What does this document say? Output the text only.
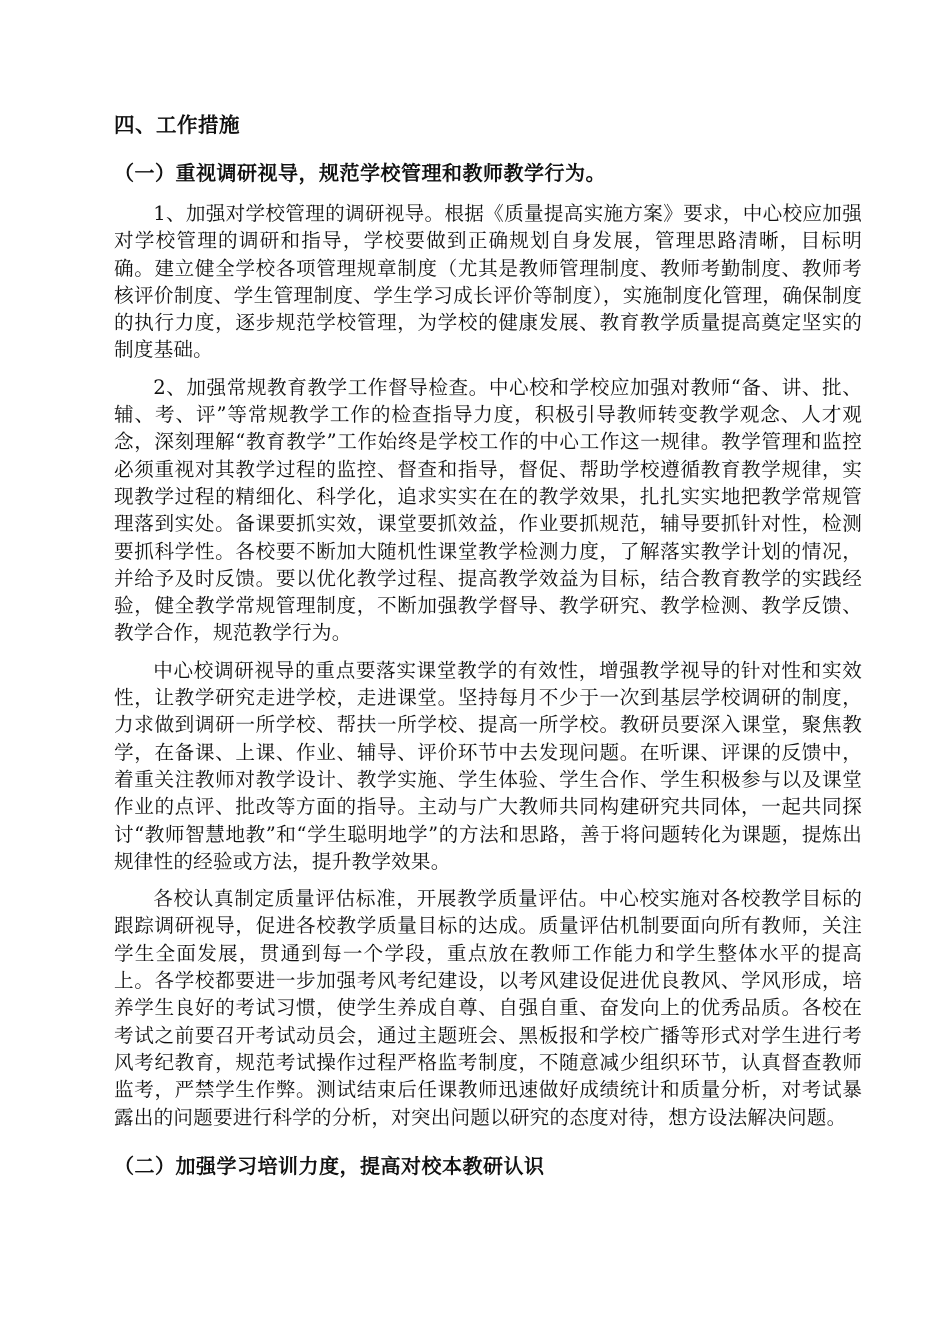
四、工作措施
（一）重视调研视导，规范学校管理和教师教学行为。

1、加强对学校管理的调研视导。根据《质量提高实施方案》要求，中心校应加强对学校管理的调研和指导，学校要做到正确规划自身发展，管理思路清晰，目标明确。建立健全学校各项管理规章制度（尤其是教师管理制度、教师考勤制度、教师考核评价制度、学生管理制度、学生学习成长评价等制度），实施制度化管理，确保制度的执行力度，逐步规范学校管理，为学校的健康发展、教育教学质量提高奠定坚实的制度基础。

2、加强常规教育教学工作督导检查。中心校和学校应加强对教师“备、讲、批、辅、考、评”等常规教学工作的检查指导力度，积极引导教师转变教学观念、人才观念，深刻理解“教育教学”工作始终是学校工作的中心工作这一规律。教学管理和监控必须重视对其教学过程的监控、督查和指导，督促、帮助学校遵循教育教学规律，实现教学过程的精细化、科学化，追求实实在在的教学效果，扎扎实实地把教学常规管理落到实处。备课要抓实效，课堂要抓效益，作业要抓规范，辅导要抓针对性，检测要抓科学性。各校要不断加大随机性课堂教学检测力度，了解落实教学计划的情况，并给予及时反馈。要以优化教学过程、提高教学效益为目标，结合教育教学的实践经验，健全教学常规管理制度，不断加强教学督导、教学研究、教学检测、教学反馈、教学合作，规范教学行为。

中心校调研视导的重点要落实课堂教学的有效性，增强教学视导的针对性和实效性，让教学研究走进学校，走进课堂。坚持每月不少于一次到基层学校调研的制度，力求做到调研一所学校、帮扶一所学校、提高一所学校。教研员要深入课堂，聚焦教学，在备课、上课、作业、辅导、评价环节中去发现问题。在听课、评课的反馈中，着重关注教师对教学设计、教学实施、学生体验、学生合作、学生积极参与以及课堂作业的点评、批改等方面的指导。主动与广大教师共同构建研究共同体，一起共同探讨“教师智慧地教”和“学生聪明地学”的方法和思路，善于将问题转化为课题，提炼出规律性的经验或方法，提升教学效果。

各校认真制定质量评估标准，开展教学质量评估。中心校实施对各校教学目标的跟踪调研视导，促进各校教学质量目标的达成。质量评估机制要面向所有教师，关注学生全面发展，贯通到每一个学段，重点放在教师工作能力和学生整体水平的提高上。各学校都要进一步加强考风考纪建设，以考风建设促进优良教风、学风形成，培养学生良好的考试习惯，使学生养成自尊、自强自重、奋发向上的优秀品质。各校在考试之前要召开考试动员会，通过主题班会、黑板报和学校广播等形式对学生进行考风考纪教育，规范考试操作过程严格监考制度，不随意减少组织环节，认真督查教师监考，严禁学生作弊。测试结束后任课教师迅速做好成绩统计和质量分析，对考试暴露出的问题要进行科学的分析，对突出问题以研究的态度对待，想方设法解决问题。

（二）加强学习培训力度，提高对校本教研认识
